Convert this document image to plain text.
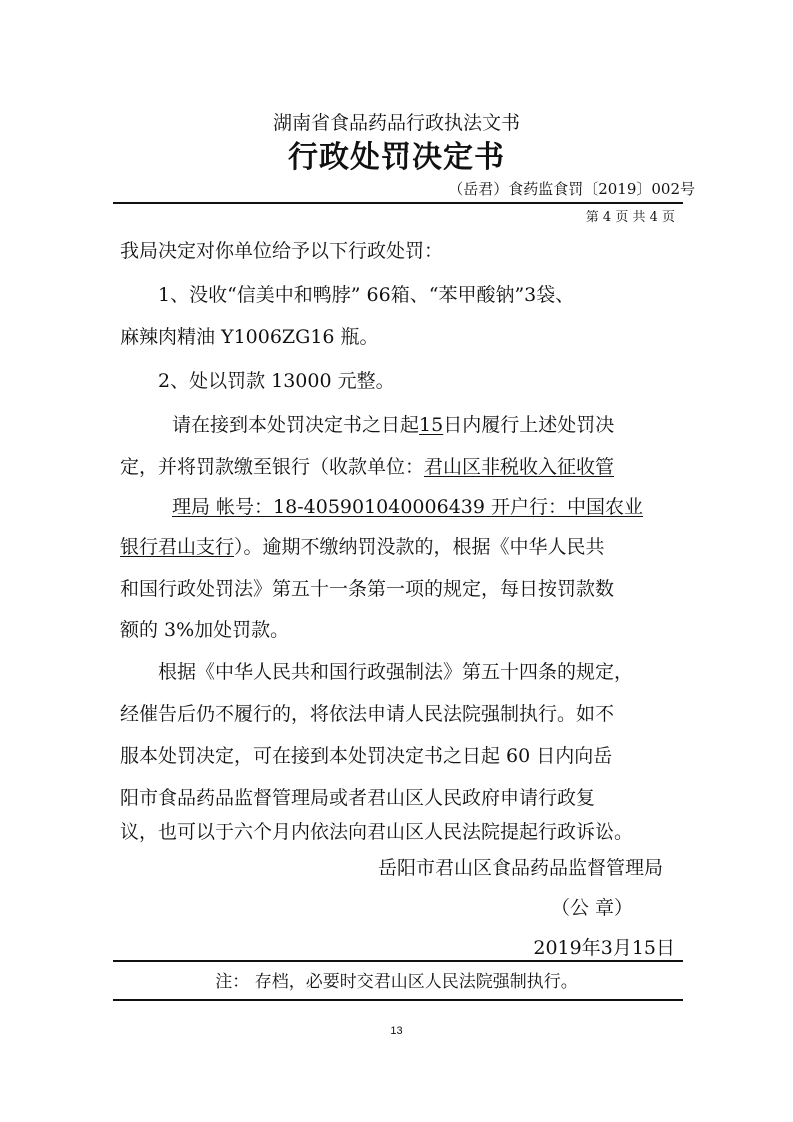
湖南省食品药品行政执法文书
行政处罚决定书
（岳君）食药监食罚〔2019〕002号
第 4 页 共 4 页
我局决定对你单位给予以下行政处罚：
1、没收“信美中和鸭脖” 66箱、“苯甲酸钠”3袋、
麻辣肉精油 Y1006ZG16 瓶。
2、处以罚款 13000 元整。
请在接到本处罚决定书之日起15日内履行上述处罚决
定，并将罚款缴至银行（收款单位：君山区非税收入征收管
理局 帐号：18-405901040006439 开户行：中国农业
银行君山支行）。逾期不缴纳罚没款的，根据《中华人民共
和国行政处罚法》第五十一条第一项的规定，每日按罚款数
额的 3%加处罚款。
根据《中华人民共和国行政强制法》第五十四条的规定，
经催告后仍不履行的，将依法申请人民法院强制执行。如不
服本处罚决定，可在接到本处罚决定书之日起 60 日内向岳
阳市食品药品监督管理局或者君山区人民政府申请行政复
议，也可以于六个月内依法向君山区人民法院提起行政诉讼。
岳阳市君山区食品药品监督管理局
（公 章）
2019年3月15日
注： 存档，必要时交君山区人民法院强制执行。
13
